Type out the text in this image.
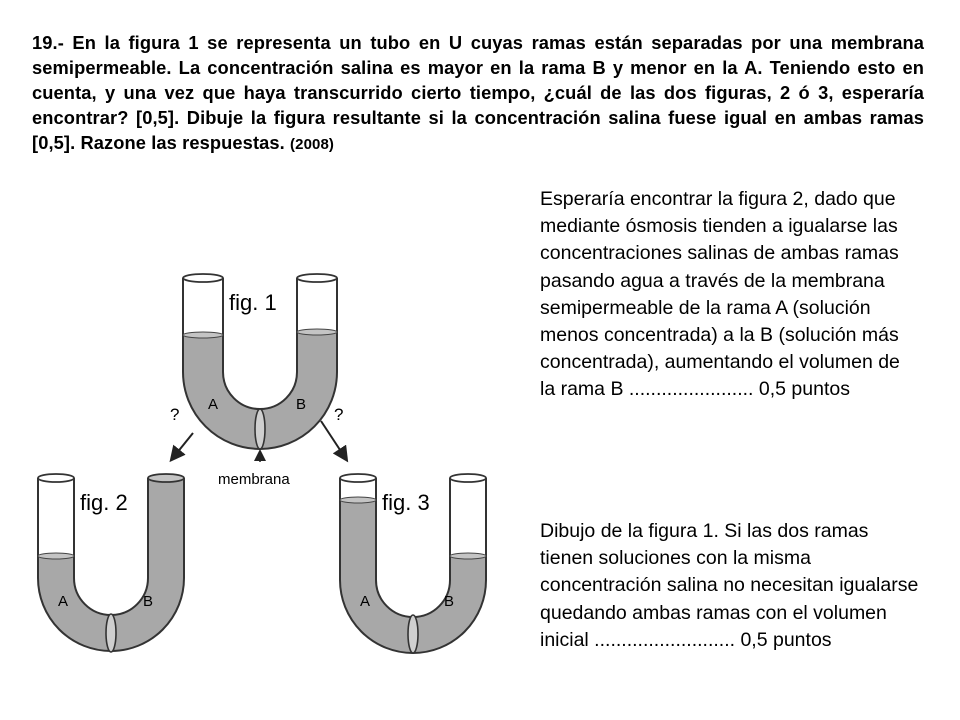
19.- En la figura 1 se representa un tubo en U cuyas ramas están separadas por una membrana semipermeable. La concentración salina es mayor en la rama B y menor en la A. Teniendo esto en cuenta, y una vez que haya transcurrido cierto tiempo, ¿cuál de las dos figuras, 2 ó 3, esperaría encontrar? [0,5]. Dibuje la figura resultante si la concentración salina fuese igual en ambas ramas [0,5]. Razone las respuestas. (2008)
Esperaría encontrar la figura 2, dado que mediante ósmosis tienden a igualarse las concentraciones salinas de ambas ramas pasando agua a través de la membrana semipermeable de la rama A (solución menos concentrada) a la B (solución más concentrada), aumentando el volumen de la rama B ....................... 0,5 puntos
Dibujo de la figura 1. Si las dos ramas tienen soluciones con la misma concentración salina no necesitan igualarse quedando ambas ramas con el volumen inicial .......................... 0,5 puntos
fig. 1
A	B
membrana
?	?
fig. 2
A	B
fig. 3
A	B
